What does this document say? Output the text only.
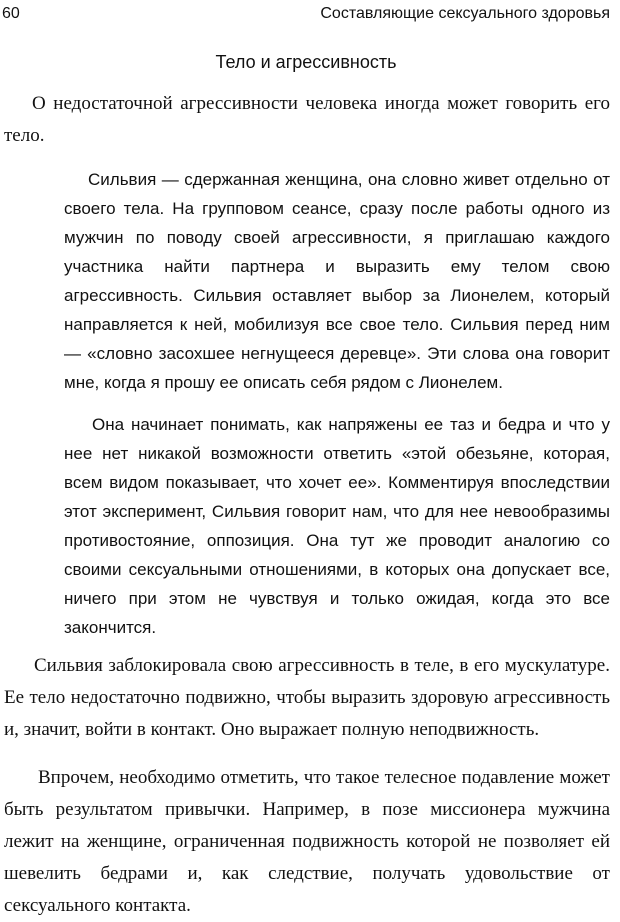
60	Составляющие сексуального здоровья
Тело и агрессивность

О недостаточной агрессивности человека иногда может говорить его тело.

Сильвия — сдержанная женщина, она словно живет отдельно от своего тела. На групповом сеансе, сразу после работы одного из мужчин по поводу своей агрессивности, я приглашаю каждого участника найти партнера и выразить ему телом свою агрессивность. Сильвия оставляет выбор за Лионелем, который направляется к ней, мобилизуя все свое тело. Сильвия перед ним — «словно засохшее негнущееся деревце». Эти слова она говорит мне, когда я прошу ее описать себя рядом с Лионелем.

Она начинает понимать, как напряжены ее таз и бедра и что у нее нет никакой возможности ответить «этой обезьяне, которая, всем видом показывает, что хочет ее». Комментируя впоследствии этот эксперимент, Сильвия говорит нам, что для нее невообразимы противостояние, оппозиция. Она тут же проводит аналогию со своими сексуальными отношениями, в которых она допускает все, ничего при этом не чувствуя и только ожидая, когда это все закончится.

Сильвия заблокировала свою агрессивность в теле, в его мускулатуре. Ее тело недостаточно подвижно, чтобы выразить здоровую агрессивность и, значит, войти в контакт. Оно выражает полную неподвижность.

Впрочем, необходимо отметить, что такое телесное подавление может быть результатом привычки. Например, в позе миссионера мужчина лежит на женщине, ограниченная подвижность которой не позволяет ей шевелить бедрами и, как следствие, получать удовольствие от сексуального контакта.
